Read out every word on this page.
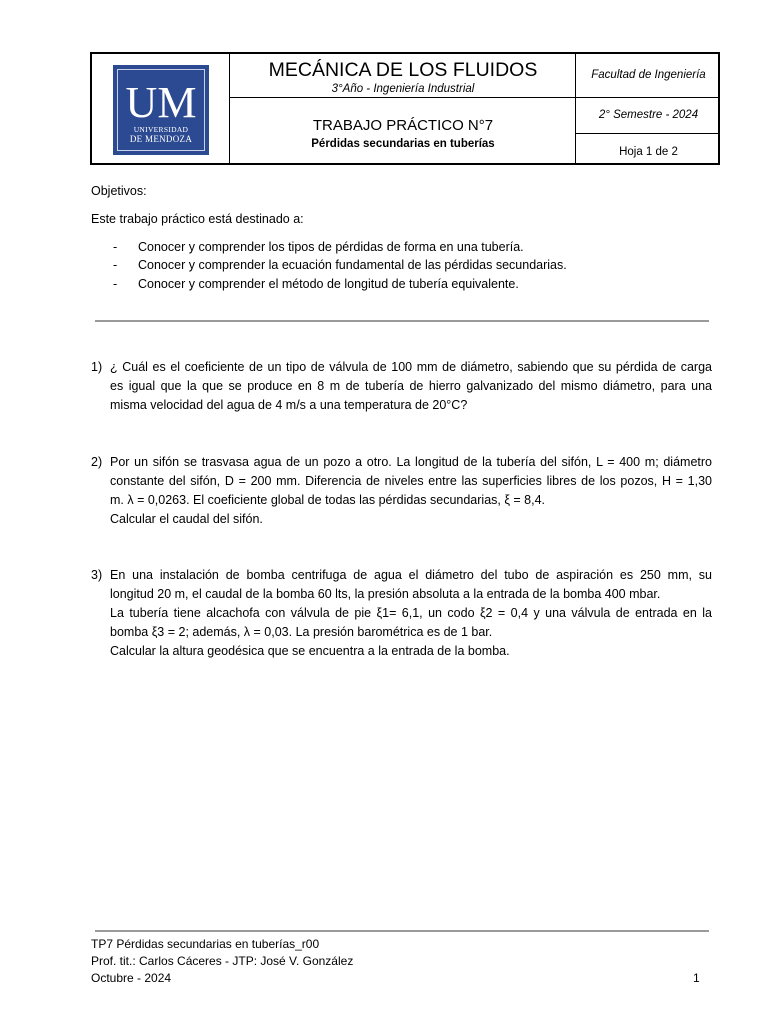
UM
UNIVERSIDAD
DE MENDOZA
MECÁNICA DE LOS FLUIDOS
3°Año - Ingeniería Industrial
TRABAJO PRÁCTICO N°7
Pérdidas secundarias en tuberías
Facultad de Ingeniería
2° Semestre - 2024
Hoja 1 de 2
Objetivos:
Este trabajo práctico está destinado a:
- Conocer y comprender los tipos de pérdidas de forma en una tubería.
- Conocer y comprender la ecuación fundamental de las pérdidas secundarias.
- Conocer y comprender el método de longitud de tubería equivalente.
1) ¿ Cuál es el coeficiente de un tipo de válvula de 100 mm de diámetro, sabiendo que su pérdida de carga
es igual que la que se produce en 8 m de tubería de hierro galvanizado del mismo diámetro, para una
misma velocidad del agua de 4 m/s a una temperatura de 20°C?
2) Por un sifón se trasvasa agua de un pozo a otro. La longitud de la tubería del sifón, L = 400 m; diámetro
constante del sifón, D = 200 mm. Diferencia de niveles entre las superficies libres de los pozos, H = 1,30
m. λ = 0,0263. El coeficiente global de todas las pérdidas secundarias, ξ = 8,4.
Calcular el caudal del sifón.
3) En una instalación de bomba centrifuga de agua el diámetro del tubo de aspiración es 250 mm, su
longitud 20 m, el caudal de la bomba 60 lts, la presión absoluta a la entrada de la bomba 400 mbar.
La tubería tiene alcachofa con válvula de pie ξ1= 6,1, un codo ξ2 = 0,4 y una válvula de entrada en la
bomba ξ3 = 2; además, λ = 0,03. La presión barométrica es de 1 bar.
Calcular la altura geodésica que se encuentra a la entrada de la bomba.
TP7 Pérdidas secundarias en tuberías_r00
Prof. tit.: Carlos Cáceres - JTP: José V. González
Octubre - 2024	1
